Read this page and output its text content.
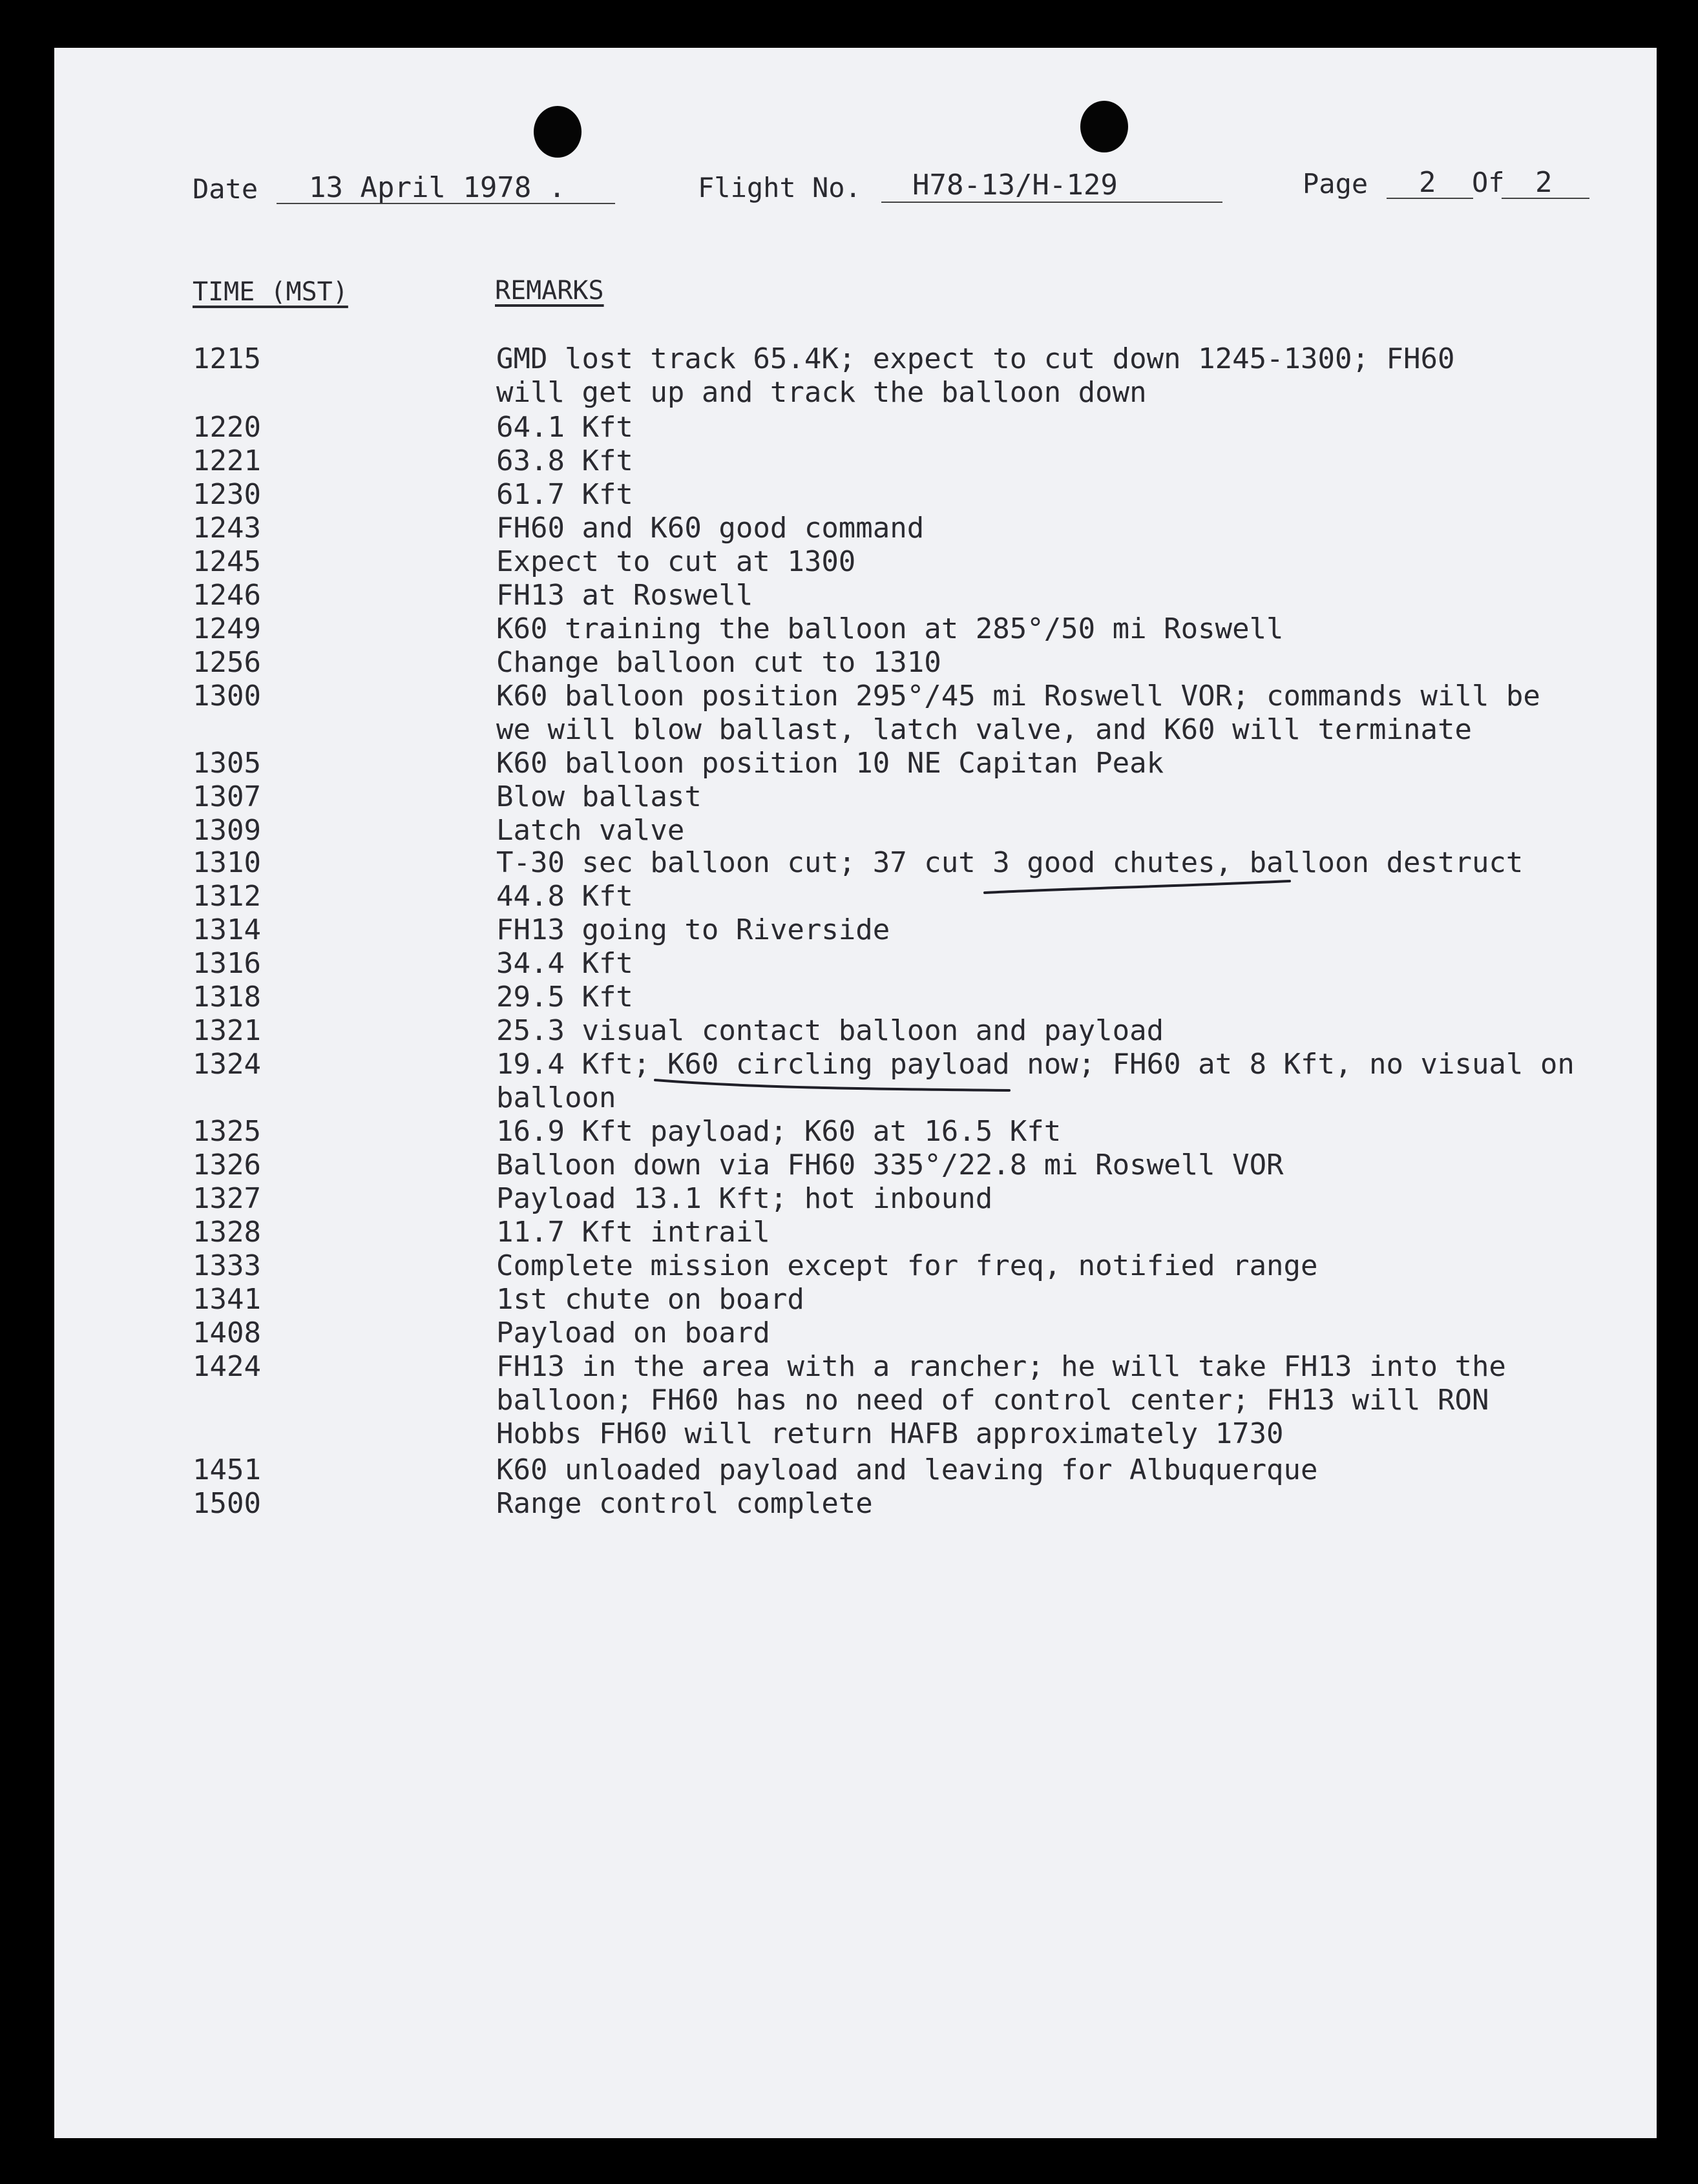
Date 13 April 1978 .	Flight No. H78-13/H-129	Page 2 Of 2
TIME (MST)	REMARKS
1215	GMD lost track 65.4K; expect to cut down 1245-1300; FH60
will get up and track the balloon down
1220	64.1 Kft
1221	63.8 Kft
1230	61.7 Kft
1243	FH60 and K60 good command
1245	Expect to cut at 1300
1246	FH13 at Roswell
1249	K60 training the balloon at 285°/50 mi Roswell
1256	Change balloon cut to 1310
1300	K60 balloon position 295°/45 mi Roswell VOR; commands will be
we will blow ballast, latch valve, and K60 will terminate
1305	K60 balloon position 10 NE Capitan Peak
1307	Blow ballast
1309	Latch valve
1310	T-30 sec balloon cut; 37 cut 3 good chutes, balloon destruct
1312	44.8 Kft
1314	FH13 going to Riverside
1316	34.4 Kft
1318	29.5 Kft
1321	25.3 visual contact balloon and payload
1324	19.4 Kft; K60 circling payload now; FH60 at 8 Kft, no visual on
balloon
1325	16.9 Kft payload; K60 at 16.5 Kft
1326	Balloon down via FH60 335°/22.8 mi Roswell VOR
1327	Payload 13.1 Kft; hot inbound
1328	11.7 Kft intrail
1333	Complete mission except for freq, notified range
1341	1st chute on board
1408	Payload on board
1424	FH13 in the area with a rancher; he will take FH13 into the
balloon; FH60 has no need of control center; FH13 will RON
Hobbs FH60 will return HAFB approximately 1730
1451	K60 unloaded payload and leaving for Albuquerque
1500	Range control complete
